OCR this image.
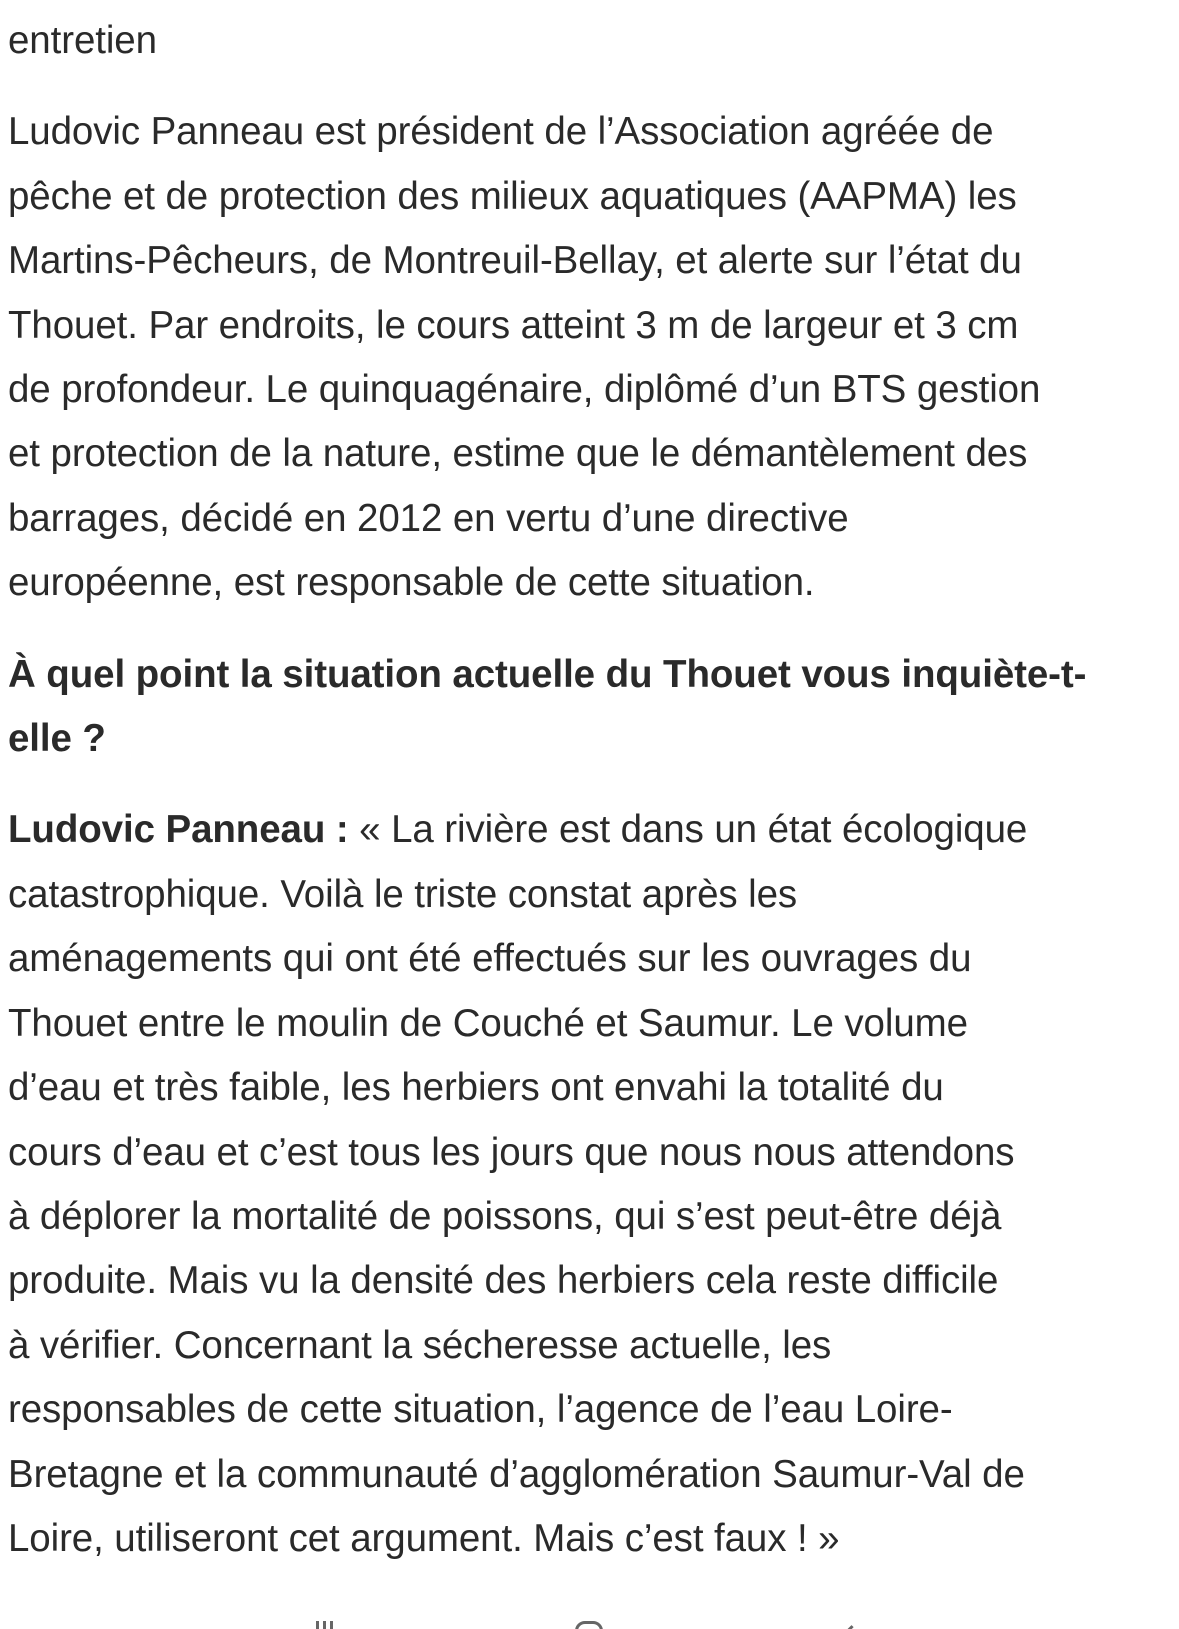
entretien
Ludovic Panneau est président de l’Association agréée de
pêche et de protection des milieux aquatiques (AAPMA) les
Martins-Pêcheurs, de Montreuil-Bellay, et alerte sur l’état du
Thouet. Par endroits, le cours atteint 3 m de largeur et 3 cm
de profondeur. Le quinquagénaire, diplômé d’un BTS gestion
et protection de la nature, estime que le démantèlement des
barrages, décidé en 2012 en vertu d’une directive
européenne, est responsable de cette situation.
À quel point la situation actuelle du Thouet vous inquiète-t-
elle ?
Ludovic Panneau : « La rivière est dans un état écologique
catastrophique. Voilà le triste constat après les
aménagements qui ont été effectués sur les ouvrages du
Thouet entre le moulin de Couché et Saumur. Le volume
d’eau et très faible, les herbiers ont envahi la totalité du
cours d’eau et c’est tous les jours que nous nous attendons
à déplorer la mortalité de poissons, qui s’est peut-être déjà
produite. Mais vu la densité des herbiers cela reste difficile
à vérifier. Concernant la sécheresse actuelle, les
responsables de cette situation, l’agence de l’eau Loire-
Bretagne et la communauté d’agglomération Saumur-Val de
Loire, utiliseront cet argument. Mais c’est faux ! »
